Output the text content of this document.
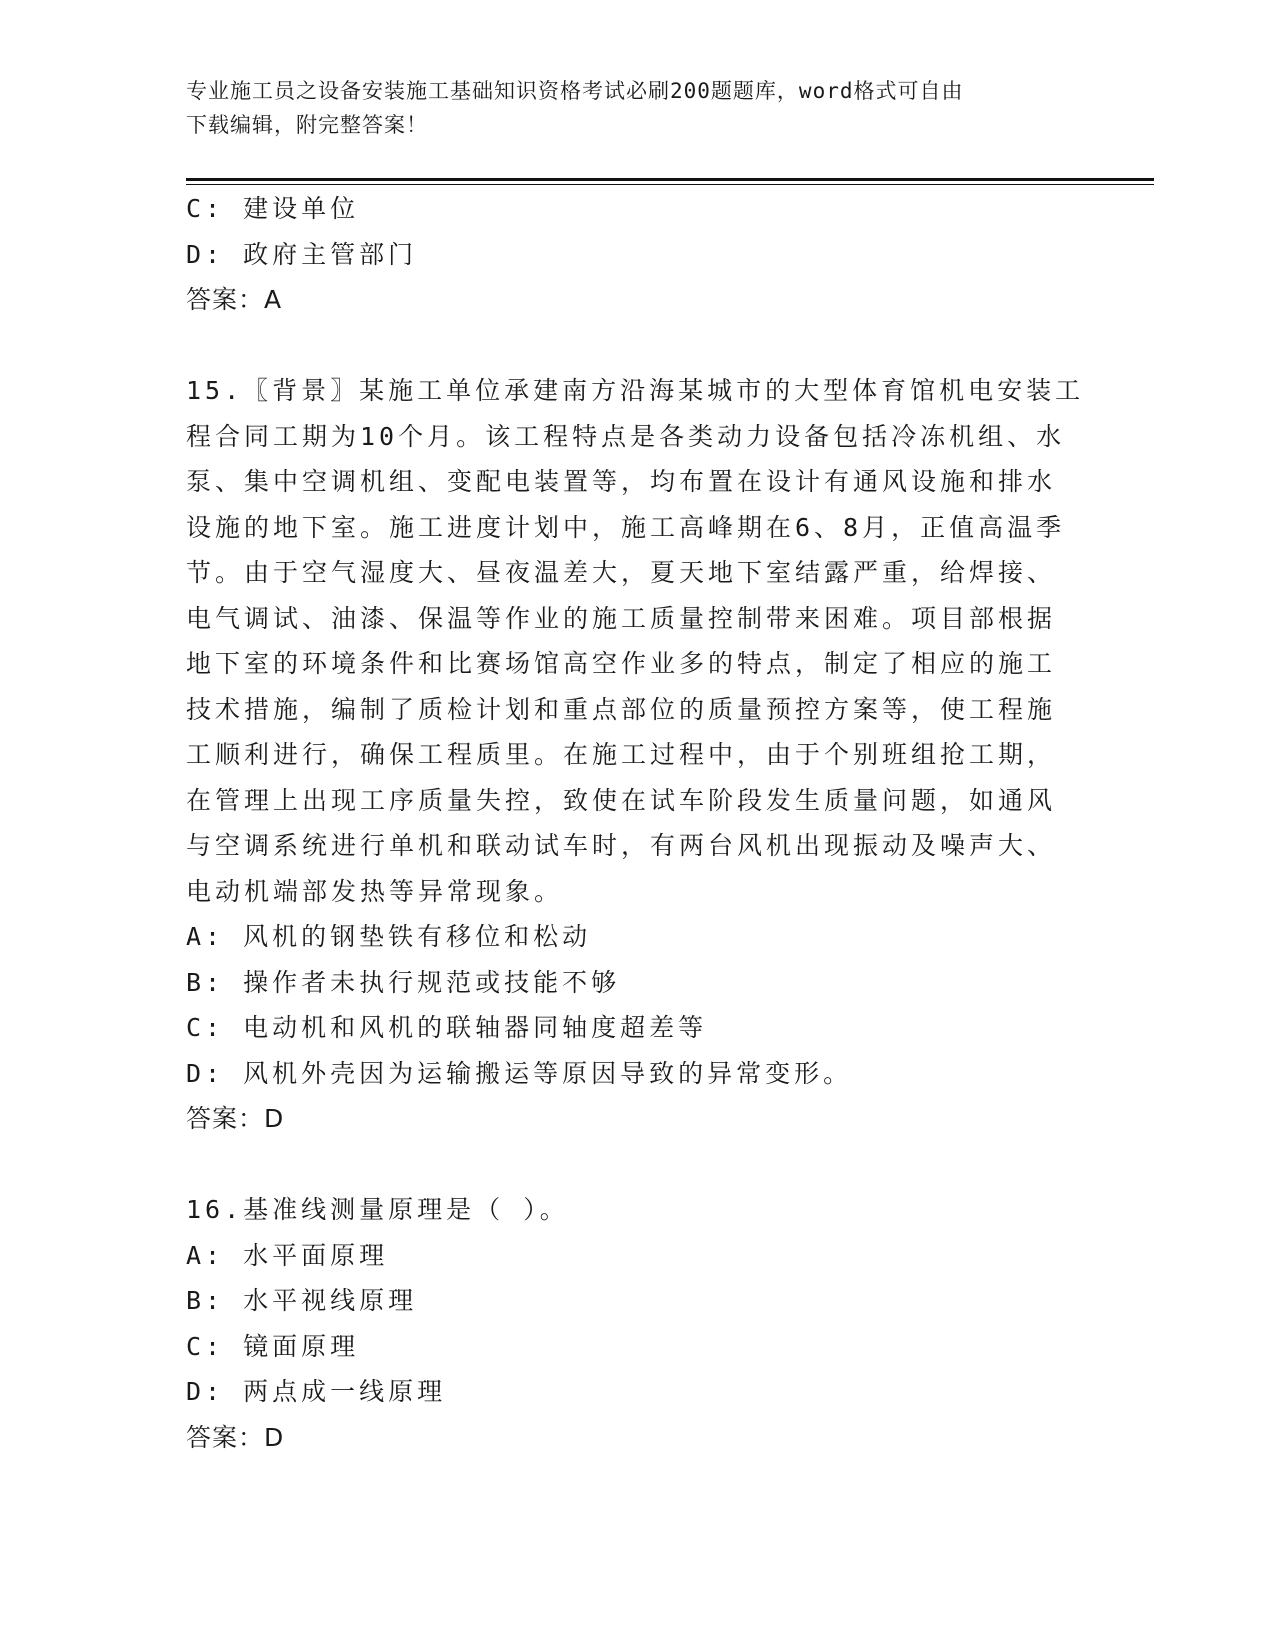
专业施工员之设备安装施工基础知识资格考试必刷200题题库，word格式可自由
下载编辑，附完整答案！
C: 建设单位
D: 政府主管部门
答案：A
15.〖背景〗某施工单位承建南方沿海某城市的大型体育馆机电安装工
程合同工期为10个月。该工程特点是各类动力设备包括冷冻机组、水
泵、集中空调机组、变配电装置等，均布置在设计有通风设施和排水
设施的地下室。施工进度计划中，施工高峰期在6、8月，正值高温季
节。由于空气湿度大、昼夜温差大，夏天地下室结露严重，给焊接、
电气调试、油漆、保温等作业的施工质量控制带来困难。项目部根据
地下室的环境条件和比赛场馆高空作业多的特点，制定了相应的施工
技术措施，编制了质检计划和重点部位的质量预控方案等，使工程施
工顺利进行，确保工程质里。在施工过程中，由于个别班组抢工期，
在管理上出现工序质量失控，致使在试车阶段发生质量问题，如通风
与空调系统进行单机和联动试车时，有两台风机出现振动及噪声大、
电动机端部发热等异常现象。
A: 风机的钢垫铁有移位和松动
B: 操作者未执行规范或技能不够
C: 电动机和风机的联轴器同轴度超差等
D: 风机外壳因为运输搬运等原因导致的异常变形。
答案：D
16.基准线测量原理是（ ）。
A: 水平面原理
B: 水平视线原理
C: 镜面原理
D: 两点成一线原理
答案：D
